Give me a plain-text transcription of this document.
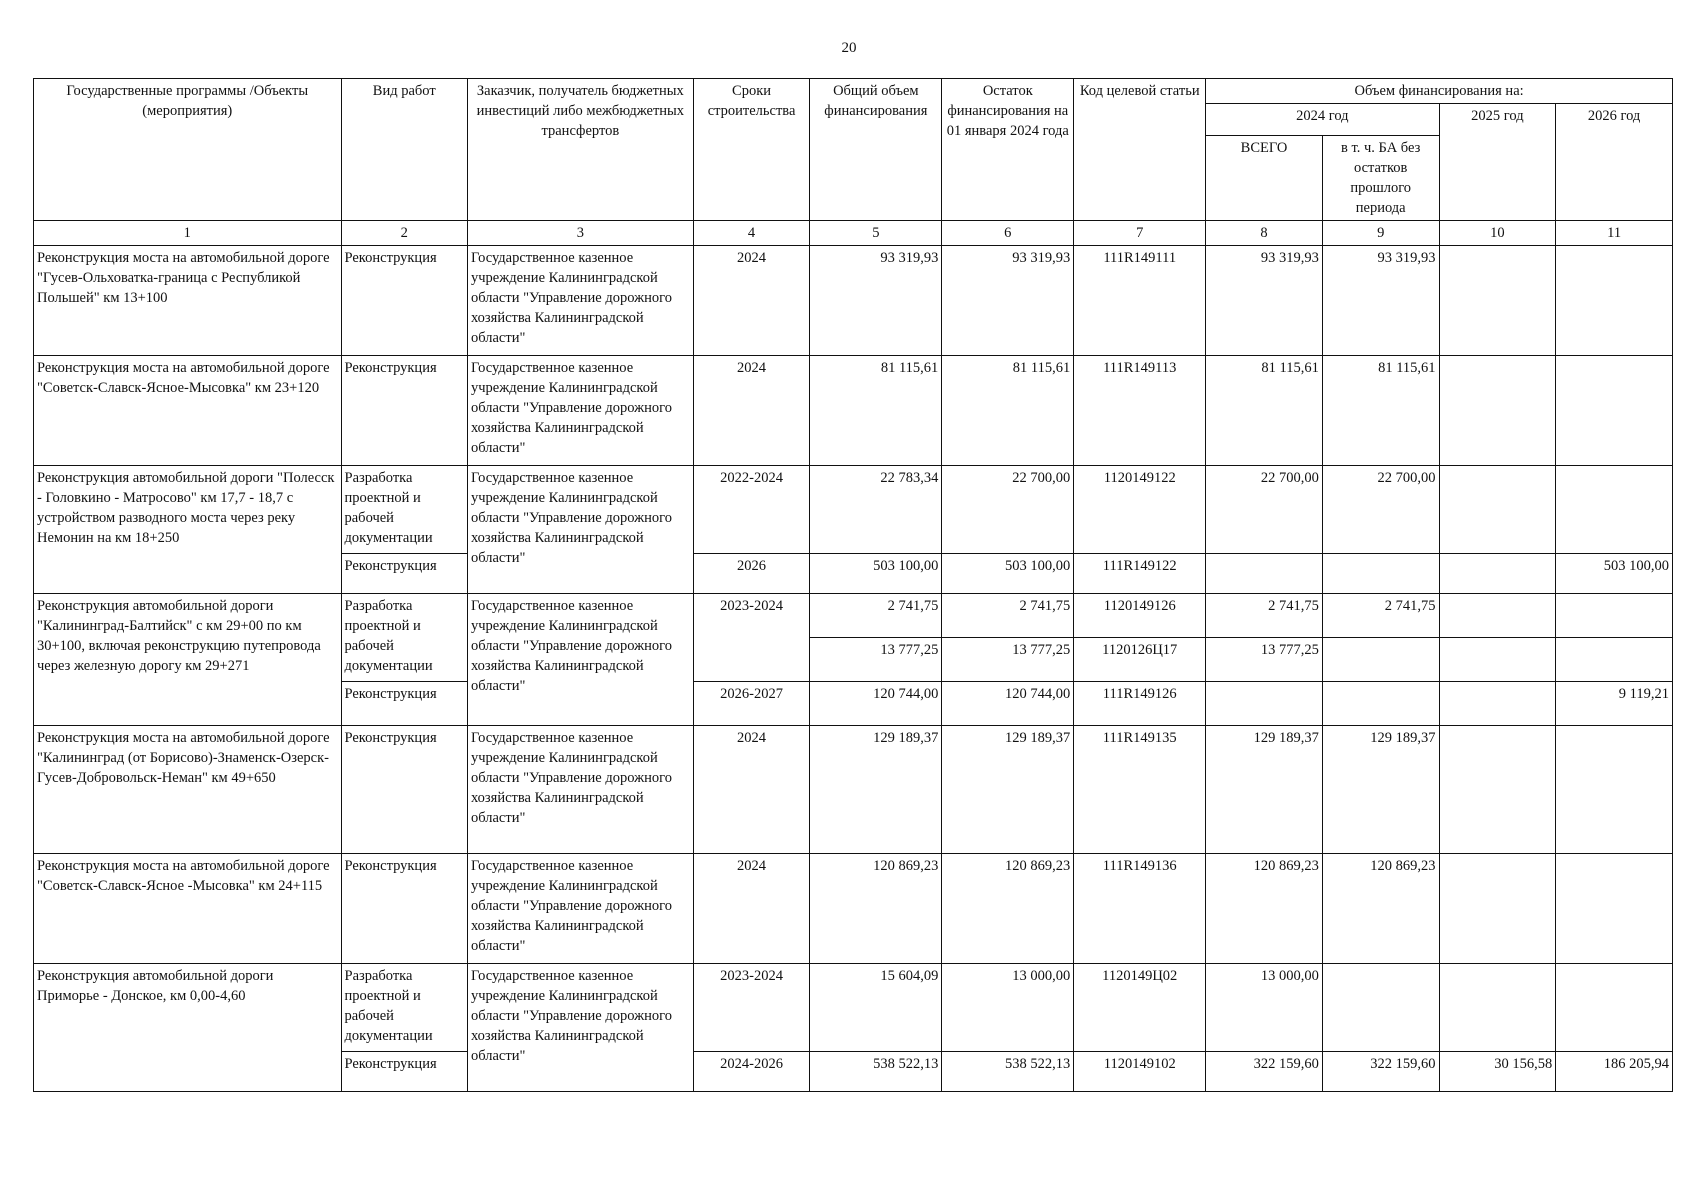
20
Государственные программы /Объекты (мероприятия)	Вид работ	Заказчик, получатель бюджетных инвестиций либо межбюджетных трансфертов	Сроки строительства	Общий объем финансирования	Остаток финансирования на 01 января 2024 года	Код целевой статьи	Объем финансирования на:			
							2024 год		2025 год	2026 год
							ВСЕГО	в т. ч. БА без остатков прошлого периода		
1	2	3	4	5	6	7	8	9	10	11
Реконструкция моста на автомобильной дороге "Гусев-Ольховатка-граница с Республикой Польшей" км 13+100	Реконструкция	Государственное казенное учреждение Калининградской области "Управление дорожного хозяйства Калининградской области"	2024	93 319,93	93 319,93	111R149111	93 319,93	93 319,93		
Реконструкция моста на автомобильной дороге "Советск-Славск-Ясное-Мысовка" км 23+120	Реконструкция	Государственное казенное учреждение Калининградской области "Управление дорожного хозяйства Калининградской области"	2024	81 115,61	81 115,61	111R149113	81 115,61	81 115,61		
Реконструкция автомобильной дороги "Полесск - Головкино - Матросово" км 17,7 - 18,7 с устройством разводного моста через реку Немонин на км 18+250	Разработка проектной и рабочей документации	Государственное казенное учреждение Калининградской области "Управление дорожного хозяйства Калининградской области"	2022-2024	22 783,34	22 700,00	1120149122	22 700,00	22 700,00		
	Реконструкция		2026	503 100,00	503 100,00	111R149122				503 100,00
Реконструкция автомобильной дороги "Калининград-Балтийск" с км 29+00 по км 30+100, включая реконструкцию путепровода через железную дорогу км 29+271	Разработка проектной и рабочей документации	Государственное казенное учреждение Калининградской области "Управление дорожного хозяйства Калининградской области"	2023-2024	2 741,75	2 741,75	1120149126	2 741,75	2 741,75		
				13 777,25	13 777,25	1120126Ц17	13 777,25			
	Реконструкция		2026-2027	120 744,00	120 744,00	111R149126				9 119,21
Реконструкция моста на автомобильной дороге "Калининград (от Борисово)-Знаменск-Озерск-Гусев-Добровольск-Неман" км 49+650	Реконструкция	Государственное казенное учреждение Калининградской области "Управление дорожного хозяйства Калининградской области"	2024	129 189,37	129 189,37	111R149135	129 189,37	129 189,37		
Реконструкция моста на автомобильной дороге "Советск-Славск-Ясное -Мысовка" км 24+115	Реконструкция	Государственное казенное учреждение Калининградской области "Управление дорожного хозяйства Калининградской области"	2024	120 869,23	120 869,23	111R149136	120 869,23	120 869,23		
Реконструкция автомобильной дороги Приморье - Донское, км 0,00-4,60	Разработка проектной и рабочей документации	Государственное казенное учреждение Калининградской области "Управление дорожного хозяйства Калининградской области"	2023-2024	15 604,09	13 000,00	1120149Ц02	13 000,00			
	Реконструкция		2024-2026	538 522,13	538 522,13	1120149102	322 159,60	322 159,60	30 156,58	186 205,94
